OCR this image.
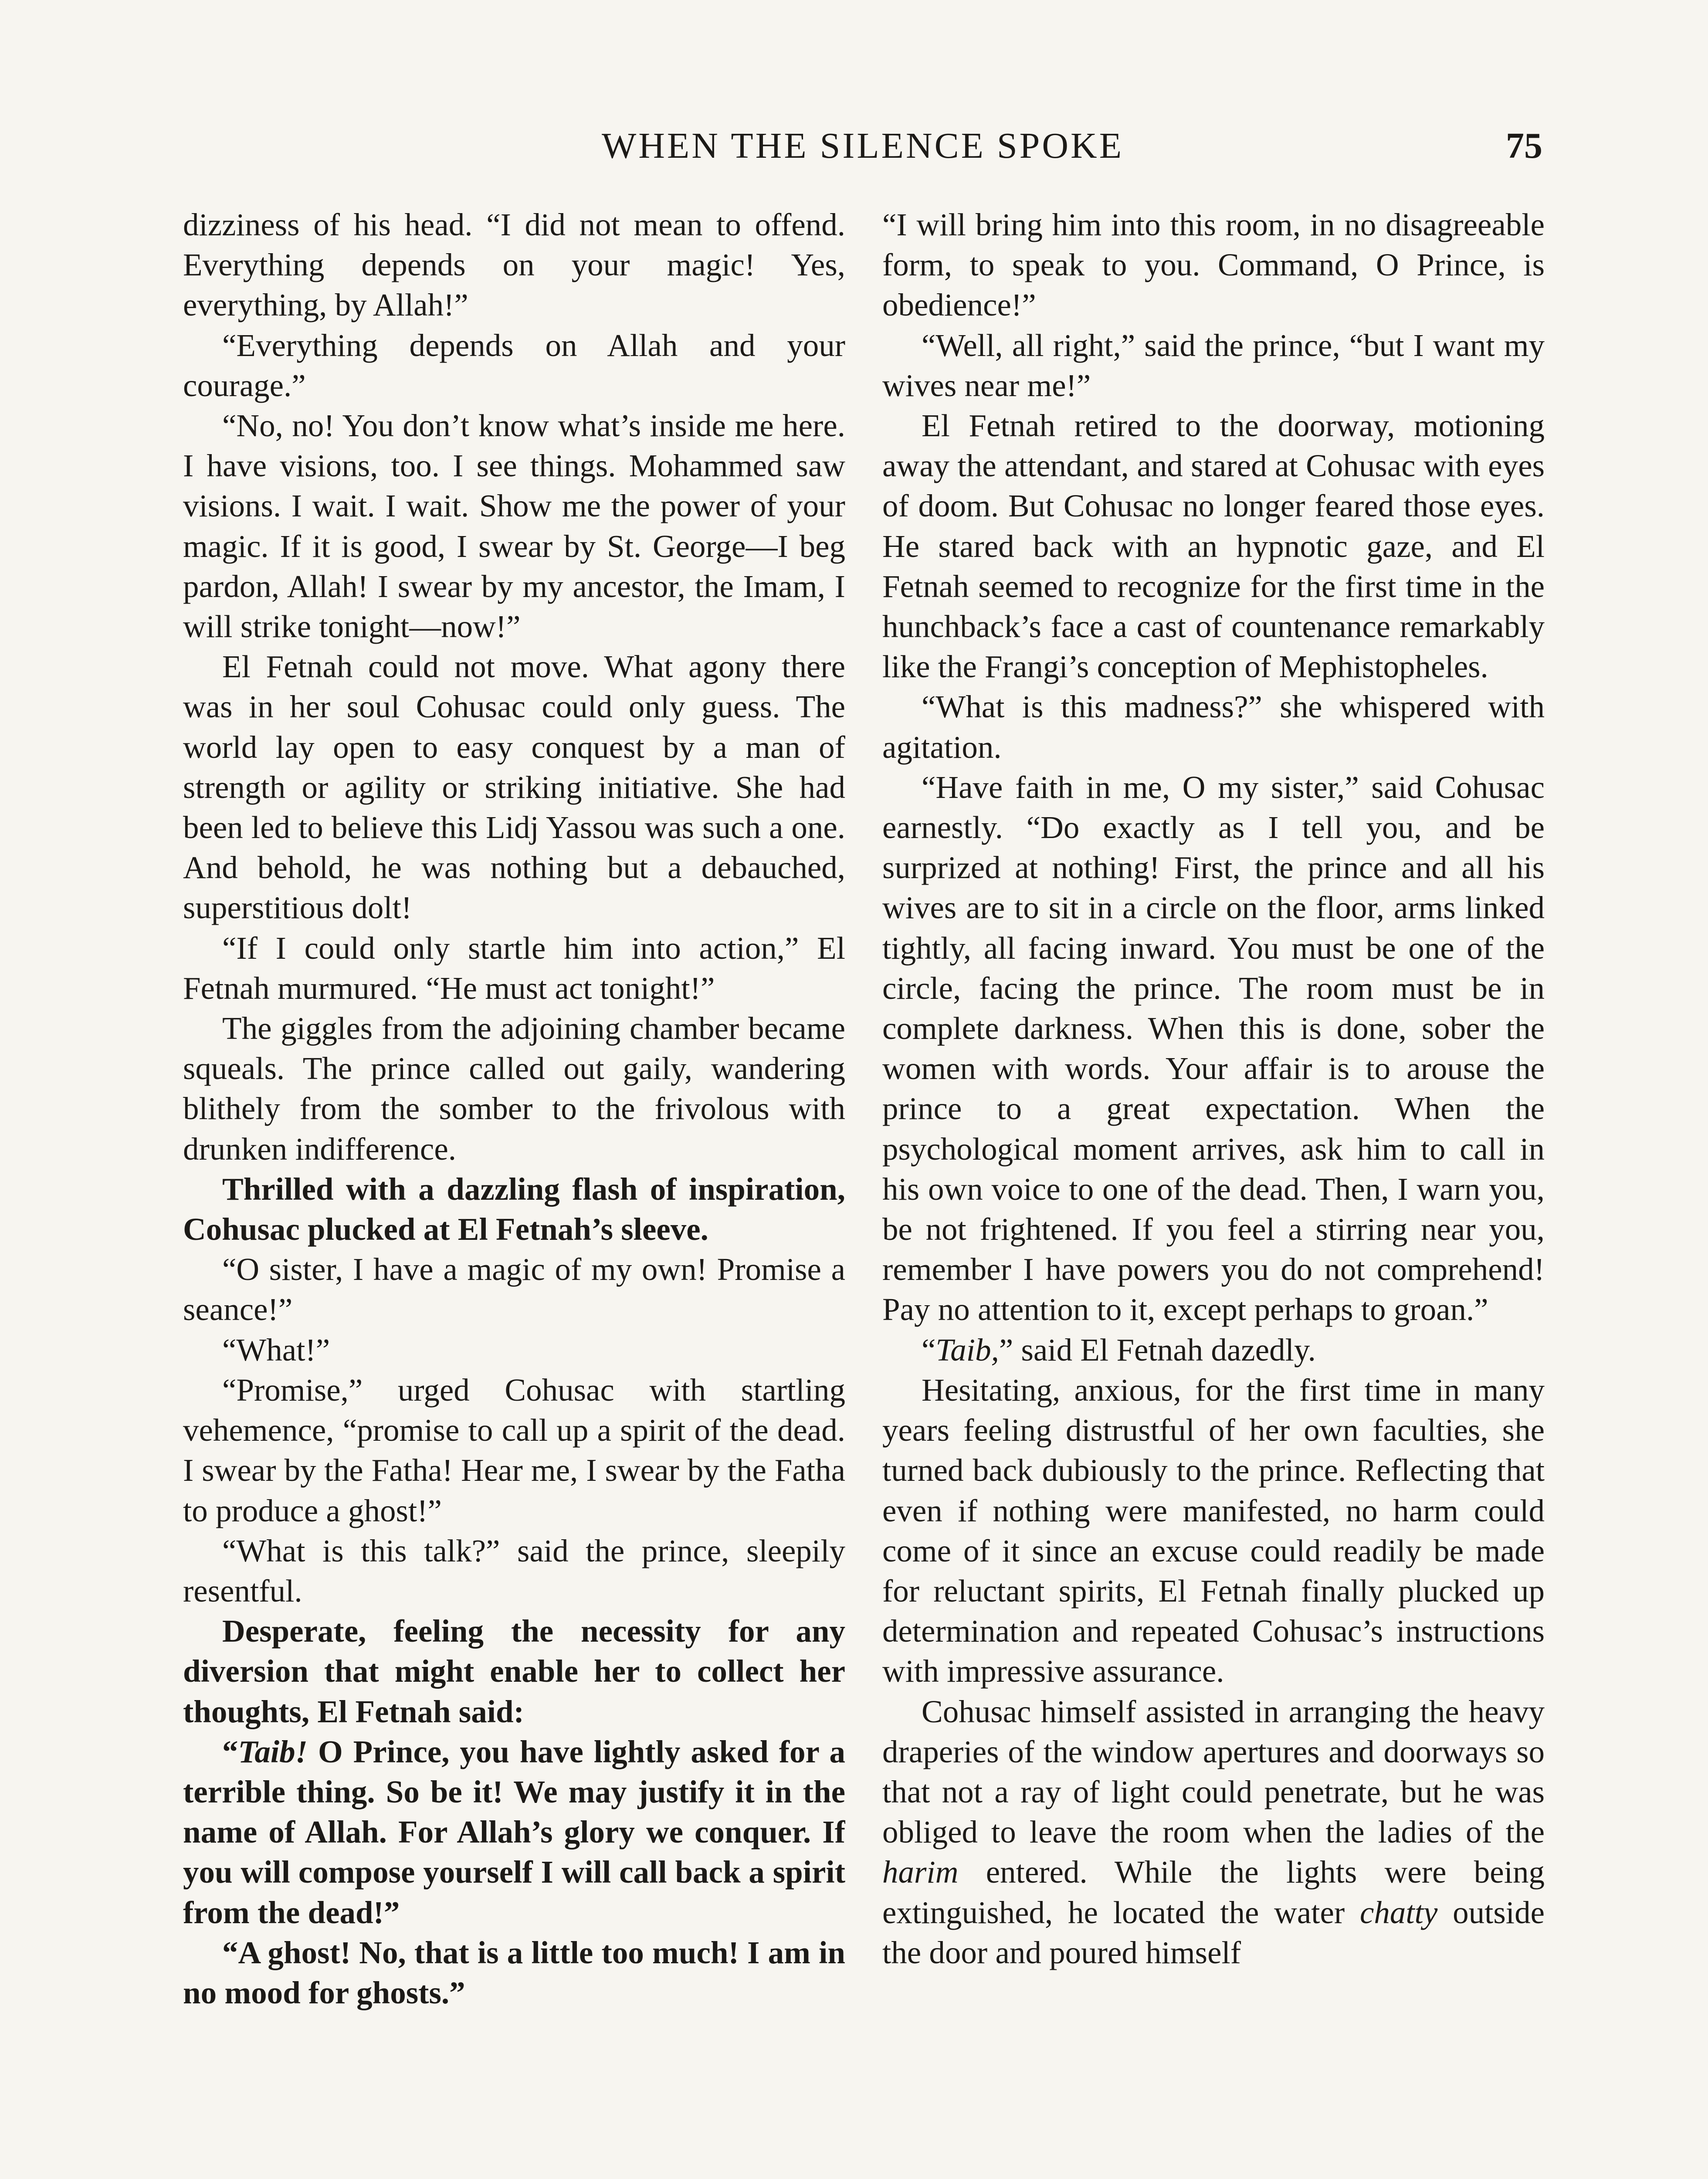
WHEN THE SILENCE SPOKE	75

dizziness of his head. “I did not mean to offend. Everything depends on your magic! Yes, everything, by Allah!”

“Everything depends on Allah and your courage.”

“No, no! You don’t know what’s inside me here. I have visions, too. I see things. Mohammed saw visions. I wait. I wait. Show me the power of your magic. If it is good, I swear by St. George—I beg pardon, Allah! I swear by my ancestor, the Imam, I will strike tonight—now!”

El Fetnah could not move. What agony there was in her soul Cohusac could only guess. The world lay open to easy conquest by a man of strength or agility or striking initiative. She had been led to believe this Lidj Yassou was such a one. And behold, he was nothing but a debauched, superstitious dolt!

“If I could only startle him into action,” El Fetnah murmured. “He must act tonight!”

The giggles from the adjoining chamber became squeals. The prince called out gaily, wandering blithely from the somber to the frivolous with drunken indifference.

Thrilled with a dazzling flash of inspiration, Cohusac plucked at El Fetnah’s sleeve.

“O sister, I have a magic of my own! Promise a seance!”

“What!”

“Promise,” urged Cohusac with startling vehemence, “promise to call up a spirit of the dead. I swear by the Fatha! Hear me, I swear by the Fatha to produce a ghost!”

“What is this talk?” said the prince, sleepily resentful.

Desperate, feeling the necessity for any diversion that might enable her to collect her thoughts, El Fetnah said:

“Taib! O Prince, you have lightly asked for a terrible thing. So be it! We may justify it in the name of Allah. For Allah’s glory we conquer. If you will compose yourself I will call back a spirit from the dead!”

“A ghost! No, that is a little too much! I am in no mood for ghosts.”

“I will bring him into this room, in no disagreeable form, to speak to you. Command, O Prince, is obedience!”

“Well, all right,” said the prince, “but I want my wives near me!”

El Fetnah retired to the doorway, motioning away the attendant, and stared at Cohusac with eyes of doom. But Cohusac no longer feared those eyes. He stared back with an hypnotic gaze, and El Fetnah seemed to recognize for the first time in the hunchback’s face a cast of countenance remarkably like the Frangi’s conception of Mephistopheles.

“What is this madness?” she whispered with agitation.

“Have faith in me, O my sister,” said Cohusac earnestly. “Do exactly as I tell you, and be surprized at nothing! First, the prince and all his wives are to sit in a circle on the floor, arms linked tightly, all facing inward. You must be one of the circle, facing the prince. The room must be in complete darkness. When this is done, sober the women with words. Your affair is to arouse the prince to a great expectation. When the psychological moment arrives, ask him to call in his own voice to one of the dead. Then, I warn you, be not frightened. If you feel a stirring near you, remember I have powers you do not comprehend! Pay no attention to it, except perhaps to groan.”

“Taib,” said El Fetnah dazedly.

Hesitating, anxious, for the first time in many years feeling distrustful of her own faculties, she turned back dubiously to the prince. Reflecting that even if nothing were manifested, no harm could come of it since an excuse could readily be made for reluctant spirits, El Fetnah finally plucked up determination and repeated Cohusac’s instructions with impressive assurance.

Cohusac himself assisted in arranging the heavy draperies of the window apertures and doorways so that not a ray of light could penetrate, but he was obliged to leave the room when the ladies of the harim entered. While the lights were being extinguished, he located the water chatty outside the door and poured himself
